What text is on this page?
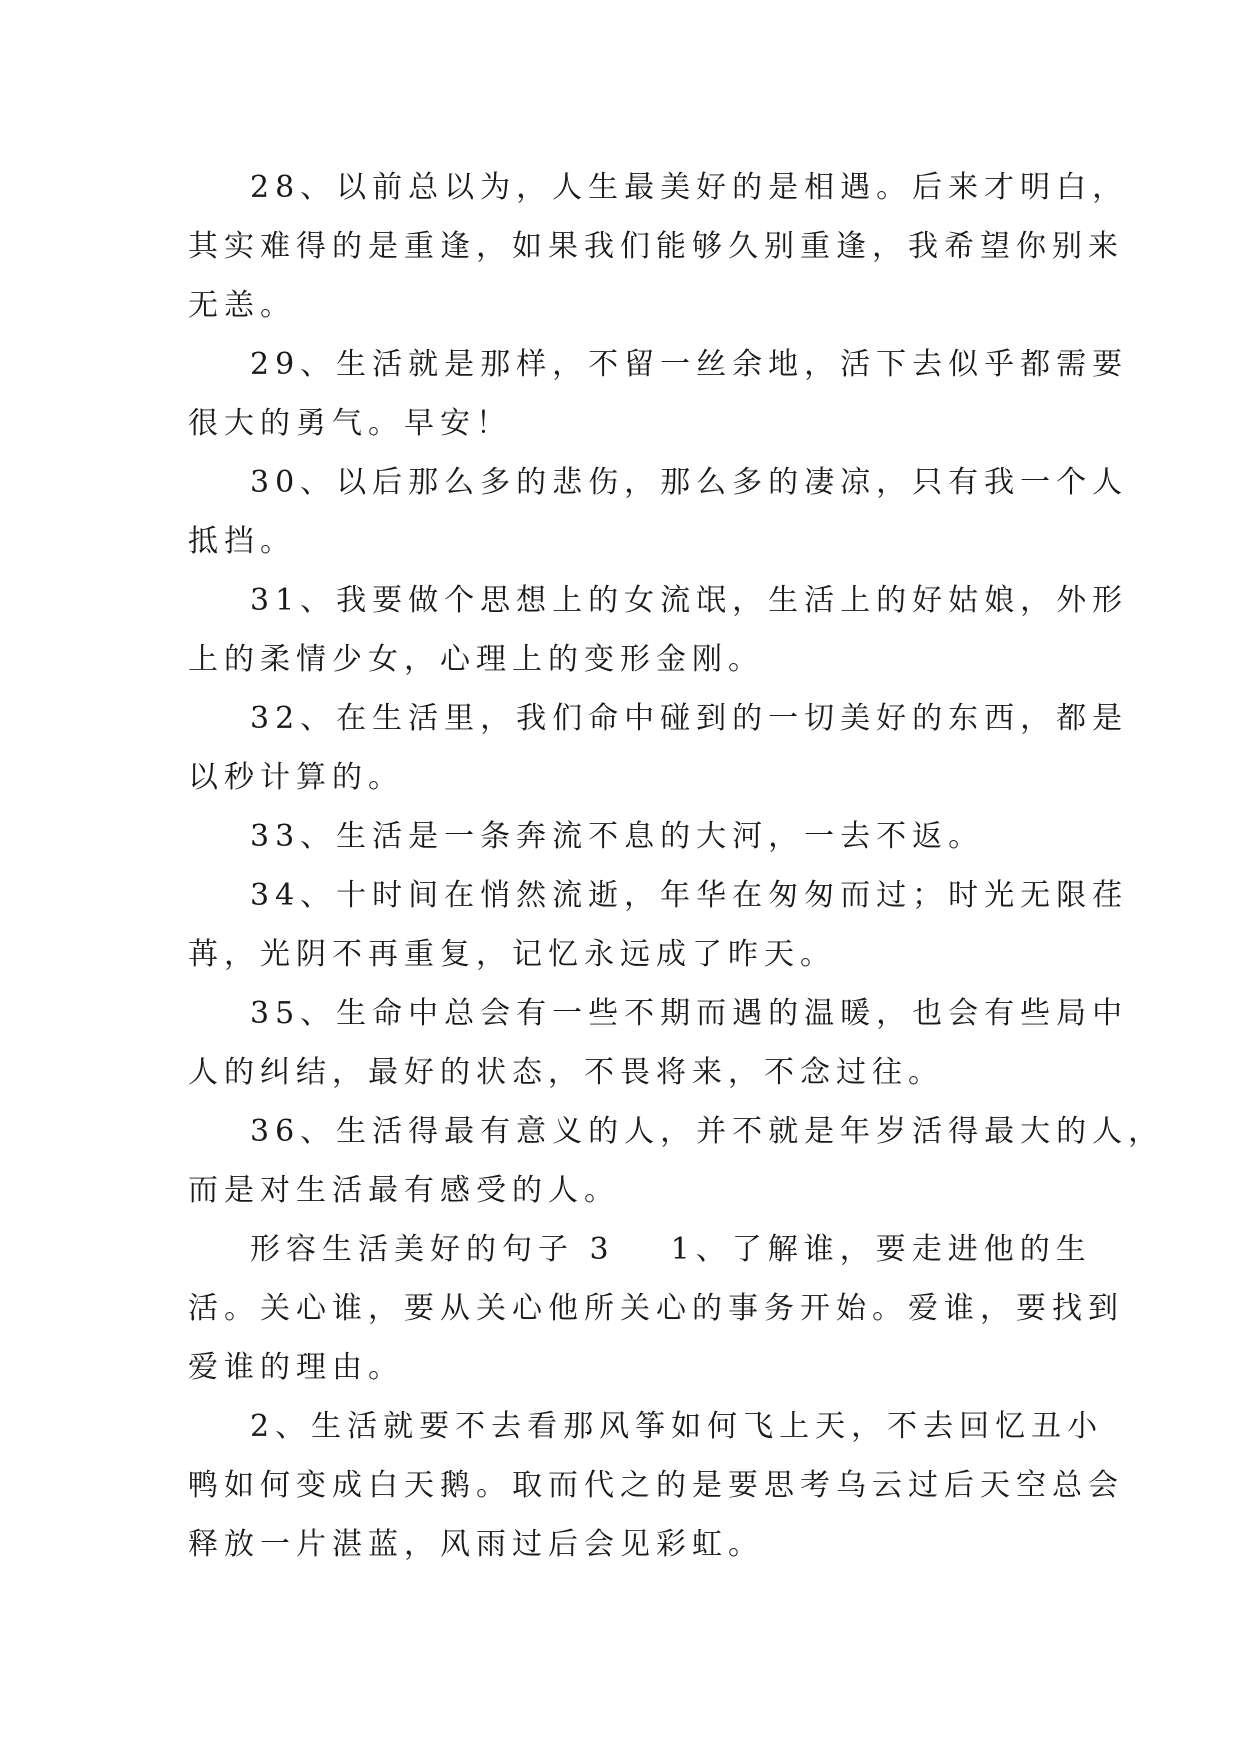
28、以前总以为，人生最美好的是相遇。后来才明白，
其实难得的是重逢，如果我们能够久别重逢，我希望你别来
无恙。
29、生活就是那样，不留一丝余地，活下去似乎都需要
很大的勇气。早安！
30、以后那么多的悲伤，那么多的凄凉，只有我一个人
抵挡。
31、我要做个思想上的女流氓，生活上的好姑娘，外形
上的柔情少女，心理上的变形金刚。
32、在生活里，我们命中碰到的一切美好的东西，都是
以秒计算的。
33、生活是一条奔流不息的大河，一去不返。
34、十时间在悄然流逝，年华在匆匆而过；时光无限荏
苒，光阴不再重复，记忆永远成了昨天。
35、生命中总会有一些不期而遇的温暖，也会有些局中
人的纠结，最好的状态，不畏将来，不念过往。
36、生活得最有意义的人，并不就是年岁活得最大的人，
而是对生活最有感受的人。
形容生活美好的句子 3 1、了解谁，要走进他的生
活。关心谁，要从关心他所关心的事务开始。爱谁，要找到
爱谁的理由。
2、生活就要不去看那风筝如何飞上天，不去回忆丑小
鸭如何变成白天鹅。取而代之的是要思考乌云过后天空总会
释放一片湛蓝，风雨过后会见彩虹。
